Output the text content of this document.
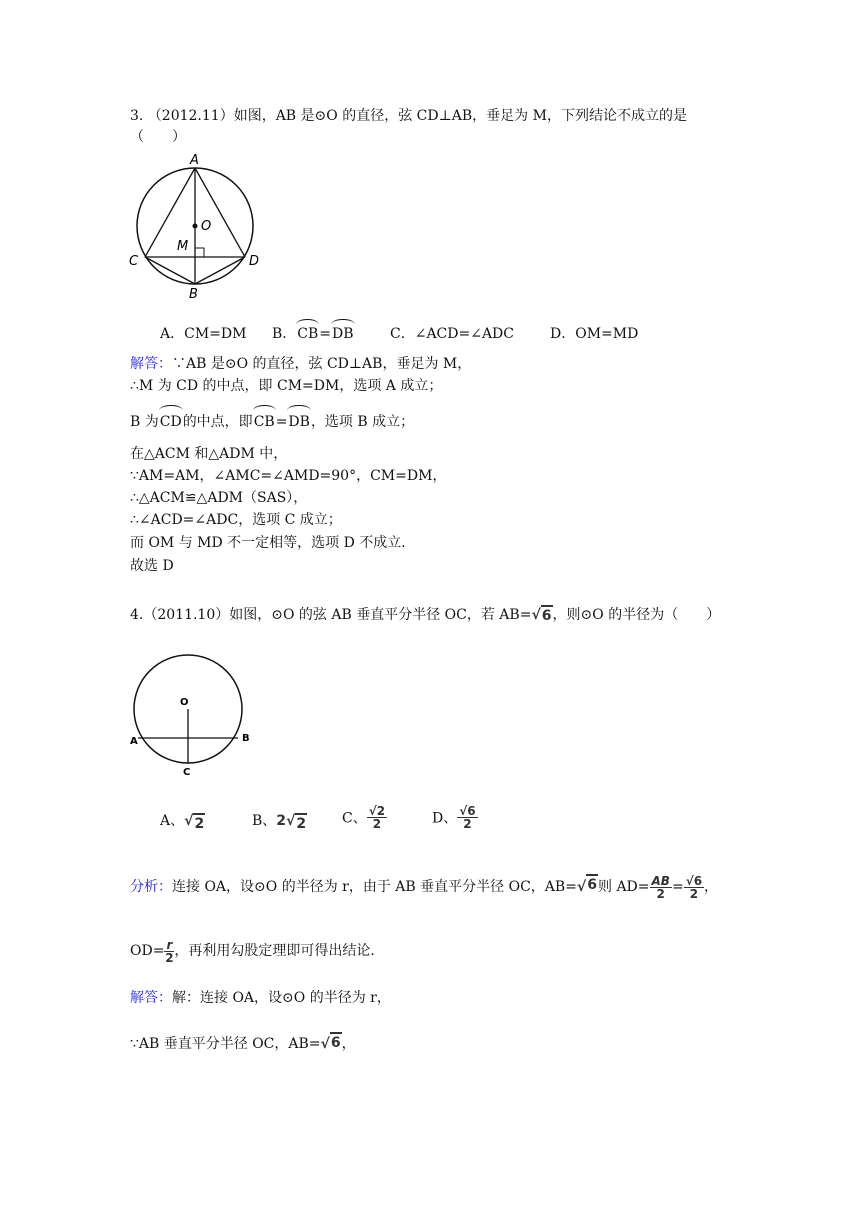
3. （2012.11）如图，AB 是⊙O 的直径，弦 CD⊥AB，垂足为 M，下列结论不成立的是
（　　）
A
O
M
C	D
B
A．CM=DM B．CB=DB	C．∠ACD=∠ADC	D．OM=MD
解答：∵AB 是⊙O 的直径，弦 CD⊥AB，垂足为 M，
∴M 为 CD 的中点，即 CM=DM，选项 A 成立；
B 为CD的中点，即CB=DB，选项 B 成立；
在△ACM 和△ADM 中，
∵AM=AM，∠AMC=∠AMD=90°，CM=DM，
∴△ACM≌△ADM（SAS），
∴∠ACD=∠ADC，选项 C 成立；
而 OM 与 MD 不一定相等，选项 D 不成立．
故选 D
4.（2011.10）如图，⊙O 的弦 AB 垂直平分半径 OC，若 AB=√ 6 ，则⊙O 的半径为（　　）
O
A	B
C
A、√ 2	B、2√ 2	C、 $\frac{√2}{2}$	D、 $\frac{√6}{2}$
分析：连接 OA，设⊙O 的半径为 r，由于 AB 垂直平分半径 OC，AB=√ 6 则 $AD= \frac{AB}{2} = \frac{√6}{2}$ ，
$OD= \frac{r}{2}$ ，再利用勾股定理即可得出结论．
解答：解：连接 OA，设⊙O 的半径为 r，
∵AB 垂直平分半径 OC，AB=√ 6 ，
